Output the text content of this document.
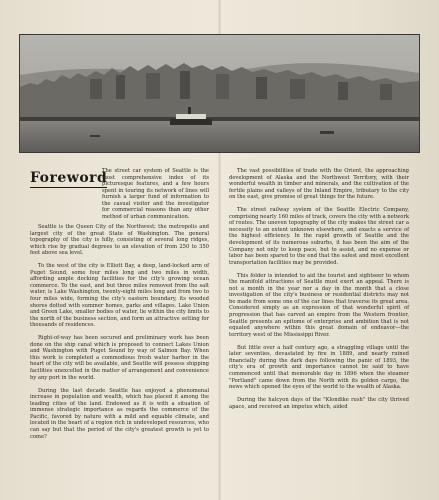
Foreword

The street car system of Seattle is the most comprehensive index of its picturesque features, and a few hours spent in touring its network of lines will furnish a larger fund of information to the casual visitor and the investigator for commercial reasons than any other method of urban communication.

Seattle is the Queen City of the Northwest; the metropolis and largest city of the great State of Washington. The general topography of the city is hilly, consisting of several long ridges, which rise by gradual degrees to an elevation of from 250 to 350 feet above sea level.

To the west of the city is Elliott Bay, a deep, land-locked arm of Puget Sound, some four miles long and two miles in width, affording ample docking facilities for the city's growing ocean commerce. To the east, and but three miles removed from the salt water, is Lake Washington, twenty-eight miles long and from two to four miles wide, forming the city's eastern boundary, its wooded shores dotted with summer homes, parks and villages. Lake Union and Green Lake, smaller bodies of water, lie within the city limits to the north of the business section, and form an attractive setting for thousands of residences.

Right-of-way has been secured and preliminary work has been done on the ship canal which is proposed to connect Lakes Union and Washington with Puget Sound by way of Salmon Bay. When this work is completed a commodious fresh water harbor in the heart of the city will be available, and Seattle will possess shipping facilities unexcelled in the matter of arrangement and convenience by any port in the world.

During the last decade Seattle has enjoyed a phenomenal increase in population and wealth, which has placed it among the leading cities of the land. Endowed as it is with a situation of immense strategic importance as regards the commerce of the Pacific, favored by nature with a mild and equable climate, and located in the heart of a region rich in undeveloped resources, who can say but that the period of the city's greatest growth is yet to come?

The vast possibilities of trade with the Orient, the approaching development of Alaska and the Northwest Territory, with their wonderful wealth in timber and minerals, and the cultivation of the fertile plains and valleys of the Inland Empire, tributary to the city on the east, give promise of great things for the future.

The street railway system of the Seattle Electric Company, comprising nearly 160 miles of track, covers the city with a network of routes. The uneven topography of the city makes the street car a necessity to an extent unknown elsewhere, and exacts a service of the highest efficiency. In the rapid growth of Seattle and the development of its numerous suburbs, it has been the aim of the Company not only to keep pace, but to assist, and no expense or labor has been spared to the end that the safest and most excellent transportation facilities may be provided.

This folder is intended to aid the tourist and sightseer to whom the manifold attractions of Seattle must exert an appeal. There is not a month in the year nor a day in the month that a close investigation of the city's business or residential districts may not be made from some one of the car lines that traverse its great area. Considered simply as an expression of that wonderful spirit of progression that has carved an empire from the Western frontier, Seattle presents an epitome of enterprise and ambition that is not equaled anywhere within this great domain of endeavor—the territory west of the Mississippi River.

But little over a half century ago, a straggling village until the later seventies, devastated by fire in 1889, and nearly ruined financially during the dark days following the panic of 1893, the city's era of growth and importance cannot be said to have commenced until that memorable day in 1896 when the steamer "Portland" came down from the North with its golden cargo, the news which opened the eyes of the world to the wealth of Alaska.

During the halcyon days of the "Klondike rush" the city thrived apace, and received an impetus which, aided
